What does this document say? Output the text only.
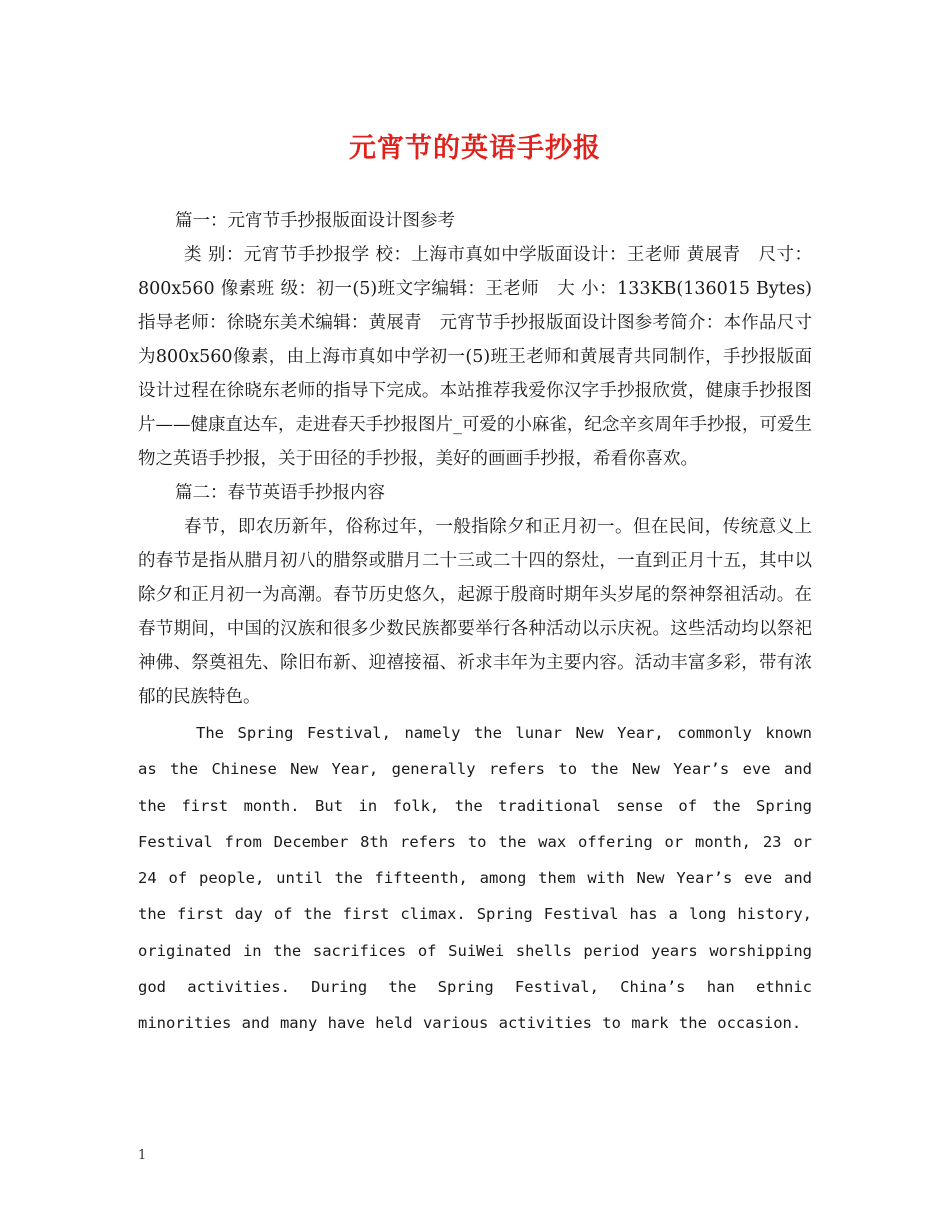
元宵节的英语手抄报

篇一：元宵节手抄报版面设计图参考

类 别：元宵节手抄报学 校：上海市真如中学版面设计：王老师 黄展青　尺寸：800x560 像素班 级：初一(5)班文字编辑：王老师　大 小：133KB(136015 Bytes)指导老师：徐晓东美术编辑：黄展青　元宵节手抄报版面设计图参考简介：本作品尺寸为800x560像素，由上海市真如中学初一(5)班王老师和黄展青共同制作，手抄报版面设计过程在徐晓东老师的指导下完成。本站推荐我爱你汉字手抄报欣赏，健康手抄报图片——健康直达车，走进春天手抄报图片_可爱的小麻雀，纪念辛亥周年手抄报，可爱生物之英语手抄报，关于田径的手抄报，美好的画画手抄报，希看你喜欢。

篇二：春节英语手抄报内容

春节，即农历新年，俗称过年，一般指除夕和正月初一。但在民间，传统意义上的春节是指从腊月初八的腊祭或腊月二十三或二十四的祭灶，一直到正月十五，其中以除夕和正月初一为高潮。春节历史悠久，起源于殷商时期年头岁尾的祭神祭祖活动。在春节期间，中国的汉族和很多少数民族都要举行各种活动以示庆祝。这些活动均以祭祀神佛、祭奠祖先、除旧布新、迎禧接福、祈求丰年为主要内容。活动丰富多彩，带有浓郁的民族特色。

The Spring Festival, namely the lunar New Year, commonly known as the Chinese New Year, generally refers to the New Year’s eve and the first month. But in folk, the traditional sense of the Spring Festival from December 8th refers to the wax offering or month, 23 or 24 of people, until the fifteenth, among them with New Year’s eve and the first day of the first climax. Spring Festival has a long history, originated in the sacrifices of SuiWei shells period years worshipping god activities. During the Spring Festival, China’s han ethnic minorities and many have held various activities to mark the occasion.

1
